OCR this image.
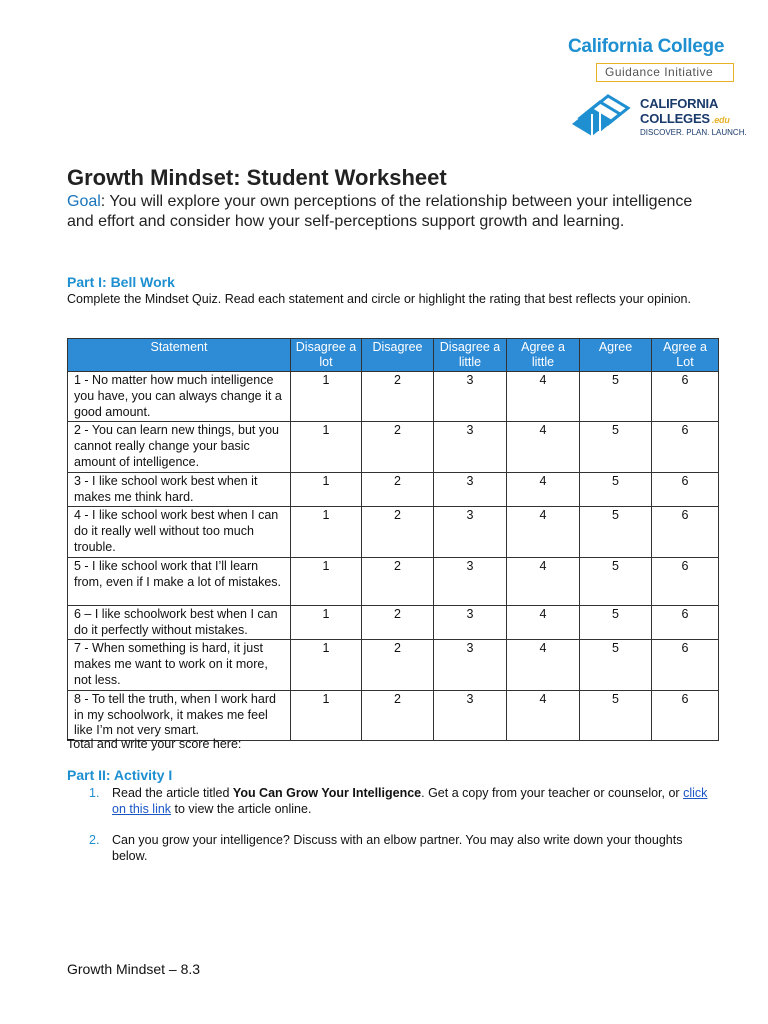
California College
Guidance Initiative
CALIFORNIA
COLLEGES .edu
DISCOVER. PLAN. LAUNCH.
Growth Mindset: Student Worksheet
Goal: You will explore your own perceptions of the relationship between your intelligence and effort and consider how your self-perceptions support growth and learning.
Part I: Bell Work
Complete the Mindset Quiz. Read each statement and circle or highlight the rating that best reflects your opinion.
Statement	Disagree a lot	Disagree	Disagree a little	Agree a little	Agree	Agree a Lot
1 - No matter how much intelligence you have, you can always change it a good amount.	1	2	3	4	5	6
2 - You can learn new things, but you cannot really change your basic amount of intelligence.	1	2	3	4	5	6
3 - I like school work best when it makes me think hard.	1	2	3	4	5	6
4 - I like school work best when I can do it really well without too much trouble.	1	2	3	4	5	6
5 - I like school work that I’ll learn from, even if I make a lot of mistakes.	1	2	3	4	5	6
6 – I like schoolwork best when I can do it perfectly without mistakes.	1	2	3	4	5	6
7 - When something is hard, it just makes me want to work on it more, not less.	1	2	3	4	5	6
8 - To tell the truth, when I work hard in my schoolwork, it makes me feel like I’m not very smart.	1	2	3	4	5	6
Total and write your score here:
Part II: Activity I
1. Read the article titled You Can Grow Your Intelligence. Get a copy from your teacher or counselor, or click on this link to view the article online.
2. Can you grow your intelligence? Discuss with an elbow partner. You may also write down your thoughts below.
Growth Mindset – 8.3
